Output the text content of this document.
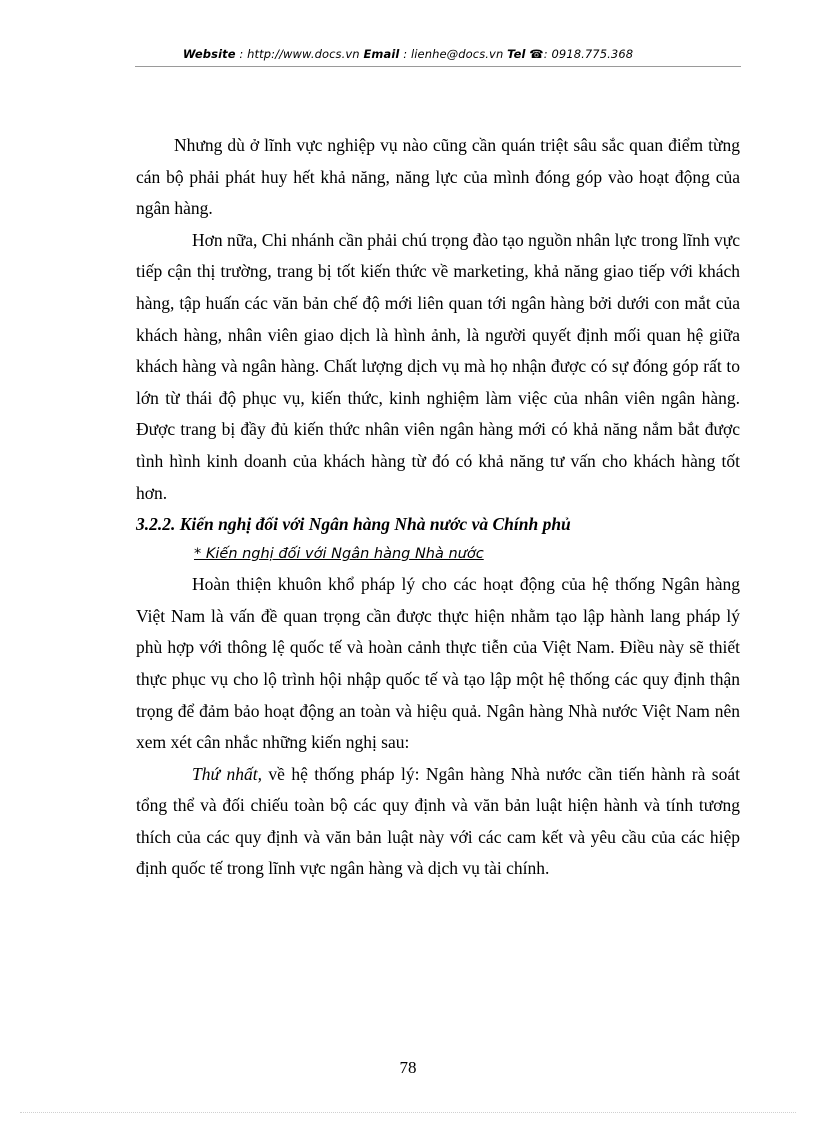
Website : http://www.docs.vn Email : lienhe@docs.vn Tel ☎: 0918.775.368

Nhưng dù ở lĩnh vực nghiệp vụ nào cũng cần quán triệt sâu sắc quan điểm từng cán bộ phải phát huy hết khả năng, năng lực của mình đóng góp vào hoạt động của ngân hàng.

Hơn nữa, Chi nhánh cần phải chú trọng đào tạo nguồn nhân lực trong lĩnh vực tiếp cận thị trường, trang bị tốt kiến thức về marketing, khả năng giao tiếp với khách hàng, tập huấn các văn bản chế độ mới liên quan tới ngân hàng bởi dưới con mắt của khách hàng, nhân viên giao dịch là hình ảnh, là người quyết định mối quan hệ giữa khách hàng và ngân hàng. Chất lượng dịch vụ mà họ nhận được có sự đóng góp rất to lớn từ thái độ phục vụ, kiến thức, kinh nghiệm làm việc của nhân viên ngân hàng. Được trang bị đầy đủ kiến thức nhân viên ngân hàng mới có khả năng nắm bắt được tình hình kinh doanh của khách hàng từ đó có khả năng tư vấn cho khách hàng tốt hơn.

3.2.2. Kiến nghị đối với Ngân hàng Nhà nước và Chính phủ

* Kiến nghị đối với Ngân hàng Nhà nước

Hoàn thiện khuôn khổ pháp lý cho các hoạt động của hệ thống Ngân hàng Việt Nam là vấn đề quan trọng cần được thực hiện nhằm tạo lập hành lang pháp lý phù hợp với thông lệ quốc tế và hoàn cảnh thực tiễn của Việt Nam. Điều này sẽ thiết thực phục vụ cho lộ trình hội nhập quốc tế và tạo lập một hệ thống các quy định thận trọng để đảm bảo hoạt động an toàn và hiệu quả. Ngân hàng Nhà nước Việt Nam nên xem xét cân nhắc những kiến nghị sau:

Thứ nhất, về hệ thống pháp lý: Ngân hàng Nhà nước cần tiến hành rà soát tổng thể và đối chiếu toàn bộ các quy định và văn bản luật hiện hành và tính tương thích của các quy định và văn bản luật này với các cam kết và yêu cầu của các hiệp định quốc tế trong lĩnh vực ngân hàng và dịch vụ tài chính.

78
